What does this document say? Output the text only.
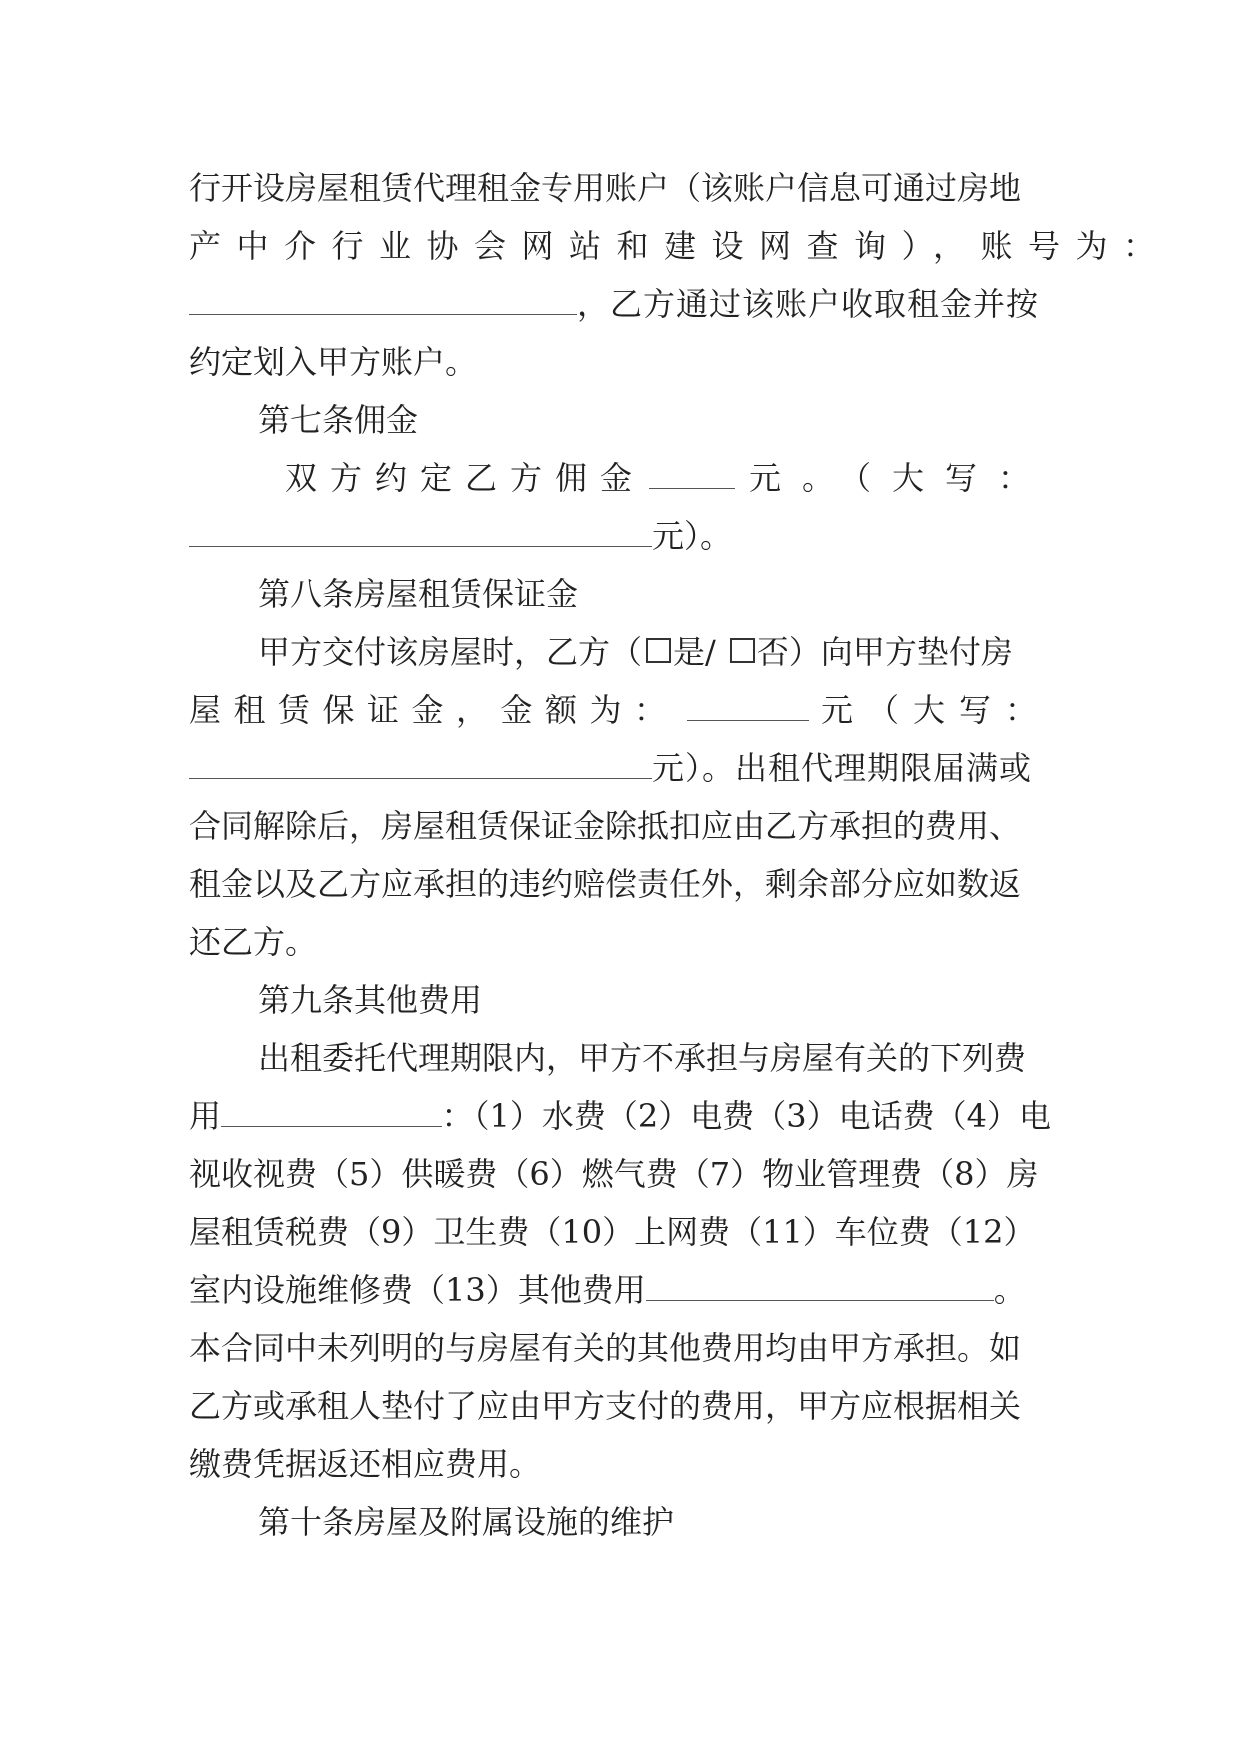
行开设房屋租赁代理租金专用账户（该账户信息可通过房地
产中介行业协会网站和建设网查询），账号为：
，乙方通过该账户收取租金并按
约定划入甲方账户。
第七条佣金
双方约定乙方佣金	元。（大写：
元）。
第八条房屋租赁保证金
甲方交付该房屋时，乙方（ 是/ 否）向甲方垫付房
屋租赁保证金，金额为：	元（大写：
元）。出租代理期限届满或
合同解除后，房屋租赁保证金除抵扣应由乙方承担的费用、
租金以及乙方应承担的违约赔偿责任外，剩余部分应如数返
还乙方。
第九条其他费用
出租委托代理期限内，甲方不承担与房屋有关的下列费
用	：（1）水费（2）电费（3）电话费（4）电
视收视费（5）供暖费（6）燃气费（7）物业管理费（8）房
屋租赁税费（9）卫生费（10）上网费（11）车位费（12）
室内设施维修费（13）其他费用	。
本合同中未列明的与房屋有关的其他费用均由甲方承担。如
乙方或承租人垫付了应由甲方支付的费用，甲方应根据相关
缴费凭据返还相应费用。
第十条房屋及附属设施的维护
